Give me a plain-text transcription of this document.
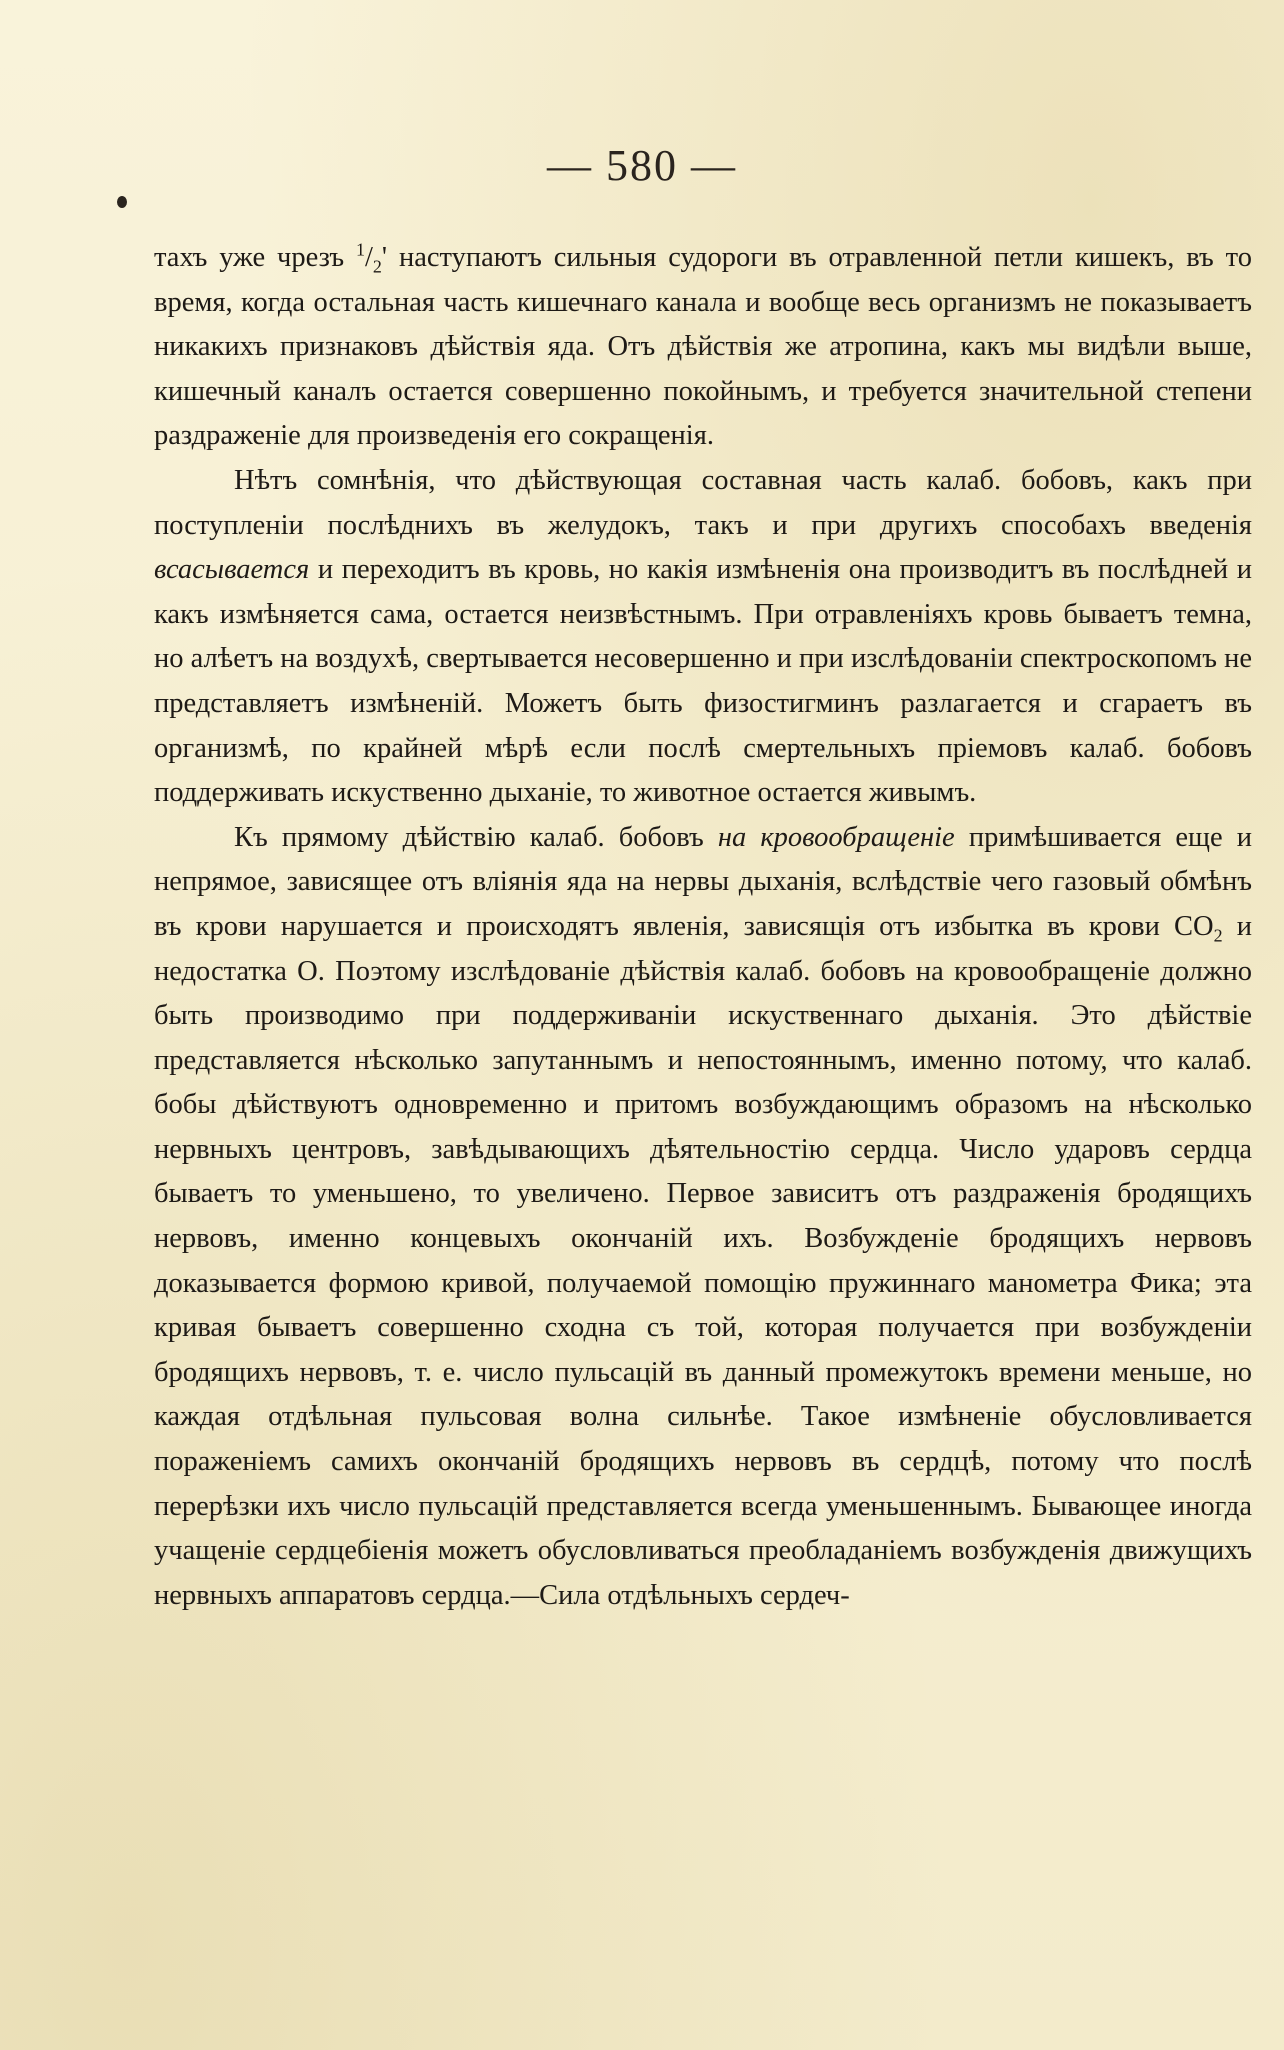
— 580 —

тахъ уже чрезъ $^1/_2'$ наступаютъ сильныя судороги въ отравленной петли кишекъ, въ то время, когда остальная часть кишечнаго канала и вообще весь организмъ не показываетъ никакихъ признаковъ дѣйствія яда. Отъ дѣйствія же атропина, какъ мы видѣли выше, кишечный каналъ остается совершенно покойнымъ, и требуется значительной степени раздраженіе для произведенія его сокращенія.

Нѣтъ сомнѣнія, что дѣйствующая составная часть калаб. бобовъ, какъ при поступленіи послѣднихъ въ желудокъ, такъ и при другихъ способахъ введенія всасывается и переходитъ въ кровь, но какія измѣненія она производитъ въ послѣдней и какъ измѣняется сама, остается неизвѣстнымъ. При отравленіяхъ кровь бываетъ темна, но алѣетъ на воздухѣ, свертывается несовершенно и при изслѣдованіи спектроскопомъ не представляетъ измѣненій. Можетъ быть физостигминъ разлагается и сгараетъ въ организмѣ, по крайней мѣрѣ если послѣ смертельныхъ пріемовъ калаб. бобовъ поддерживать искуственно дыханіе, то животное остается живымъ.

Къ прямому дѣйствію калаб. бобовъ на кровообращеніе примѣшивается еще и непрямое, зависящее отъ вліянія яда на нервы дыханія, вслѣдствіе чего газовый обмѣнъ въ крови нарушается и происходятъ явленія, зависящія отъ избытка въ крови $CO_2$ и недостатка O. Поэтому изслѣдованіе дѣйствія калаб. бобовъ на кровообращеніе должно быть производимо при поддерживаніи искуственнаго дыханія. Это дѣйствіе представляется нѣсколько запутаннымъ и непостояннымъ, именно потому, что калаб. бобы дѣйствуютъ одновременно и притомъ возбуждающимъ образомъ на нѣсколько нервныхъ центровъ, завѣдывающихъ дѣятельностію сердца. Число ударовъ сердца бываетъ то уменьшено, то увеличено. Первое зависитъ отъ раздраженія бродящихъ нервовъ, именно концевыхъ окончаній ихъ. Возбужденіе бродящихъ нервовъ доказывается формою кривой, получаемой помощію пружиннаго манометра Фика; эта кривая бываетъ совершенно сходна съ той, которая получается при возбужденіи бродящихъ нервовъ, т. е. число пульсацій въ данный промежутокъ времени меньше, но каждая отдѣльная пульсовая волна сильнѣе. Такое измѣненіе обусловливается пораженіемъ самихъ окончаній бродящихъ нервовъ въ сердцѣ, потому что послѣ перерѣзки ихъ число пульсацій представляется всегда уменьшеннымъ. Бывающее иногда учащеніе сердцебіенія можетъ обусловливаться преобладаніемъ возбужденія движущихъ нервныхъ аппаратовъ сердца.—Сила отдѣльныхъ сердеч-
